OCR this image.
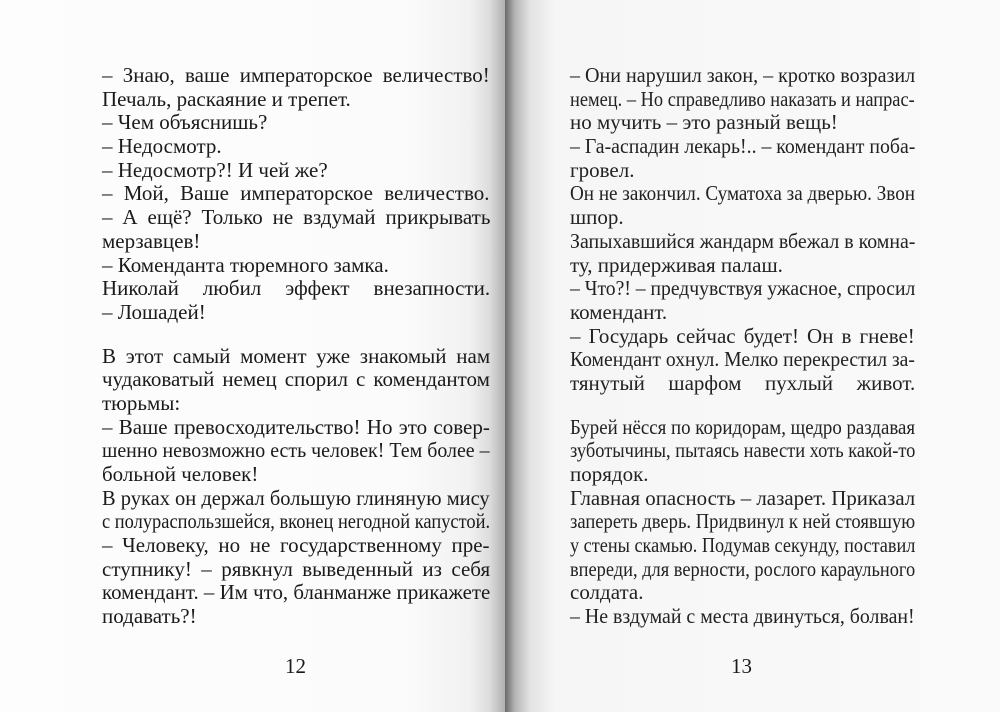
– Знаю, ваше императорское величество!
Печаль, раскаяние и трепет.
– Чем объяснишь?
– Недосмотр.
– Недосмотр?! И чей же?
– Мой, Ваше императорское величество.
– А ещё? Только не вздумай прикрывать
мерзавцев!
– Коменданта тюремного замка.
Николай любил эффект внезапности.
– Лошадей!
В этот самый момент уже знакомый нам
чудаковатый немец спорил с комендантом
тюрьмы:
– Ваше превосходительство! Но это совер-
шенно невозможно есть человек! Тем более –
больной человек!
В руках он держал большую глиняную мису
с полураспользшейся, вконец негодной капустой.
– Человеку, но не государственному пре-
ступнику! – рявкнул выведенный из себя
комендант. – Им что, бланманже прикажете
подавать?!
12
– Они нарушил закон, – кротко возразил
немец. – Но справедливо наказать и напрас-
но мучить – это разный вещь!
– Га-аспадин лекарь!.. – комендант поба-
гровел.
Он не закончил. Суматоха за дверью. Звон
шпор.
Запыхавшийся жандарм вбежал в комна-
ту, придерживая палаш.
– Что?! – предчувствуя ужасное, спросил
комендант.
– Государь сейчас будет! Он в гневе!
Комендант охнул. Мелко перекрестил за-
тянутый шарфом пухлый живот.
Бурей нёсся по коридорам, щедро раздавая
зуботычины, пытаясь навести хоть какой-то
порядок.
Главная опасность – лазарет. Приказал
запереть дверь. Придвинул к ней стоявшую
у стены скамью. Подумав секунду, поставил
впереди, для верности, рослого караульного
солдата.
– Не вздумай с места двинуться, болван!
13
